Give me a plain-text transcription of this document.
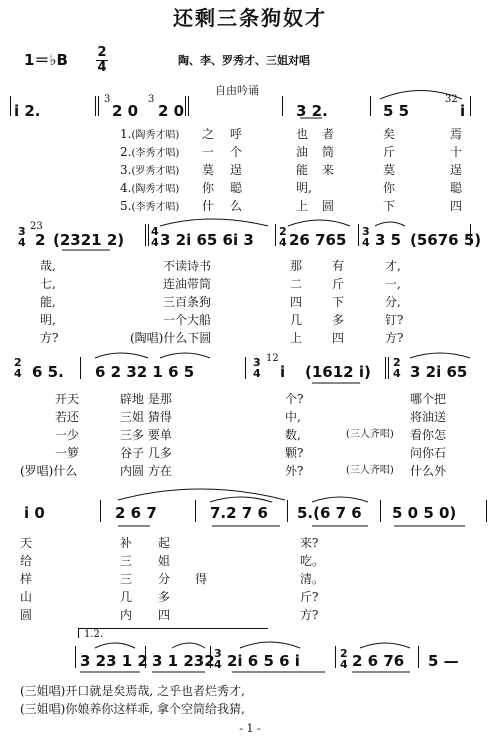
还剩三条狗奴才
1＝♭B 2
4	陶、李、罗秀才、三姐对唱
自由吟诵
i 2.	2 0 2 0	3 2.	5 5	i
3	3	32
1.(陶秀才唱) 之 呼	也 者	矣	焉
2.(李秀才唱) 一 个	油 筒	斤	十
3.(罗秀才唱) 莫 逞	能 来	莫	逞
4.(陶秀才唱) 你 聪	明,	你	聪
5.(李秀才唱) 什 么	上 圆	下	四
3
4
4
4
2
4
3
4
23
2 (2321 2) 3 2i 65 6i 3 26 765 3 5 (5676 5)
哉,	不读诗书	那 有	才,
七,	连油带筒	二 斤	一,
能,	三百条狗	四 下	分,
明,	一个大船	几 多	钉?
方?	(陶唱)什么下圆	上 四	方?
2
4
3
4
2
4
12
6 5. 6 2 32 1 6 5	i (1612 i)	3 2i 65
开天	辟地 是那	个?	哪个把
若还	三姐 猜得	中,	将油送
一少	三多 要单	数,	(三人齐唱) 看你怎
一箩	谷子 几多	颗?	问你石
(罗唱)什么	内圆 方在	外?	(三人齐唱) 什么外
i 0	2 6 7	7.2 7 6 5.(6 7 6 5 0 5 0)
天	补 起	来?
给	三 姐	吃。
样	三 分 得	清。
山	几 多	斤?
圆	内 四	方?
1.2.
3
4
2
4
3 23 1 2 3 1 232 2i 6 5 6 i	2 6 76 5 —
(三姐唱)开口就是矣焉哉, 之乎也者烂秀才,
(三姐唱)你娘养你这样乖, 拿个空筒给我猜,
- 1 -
